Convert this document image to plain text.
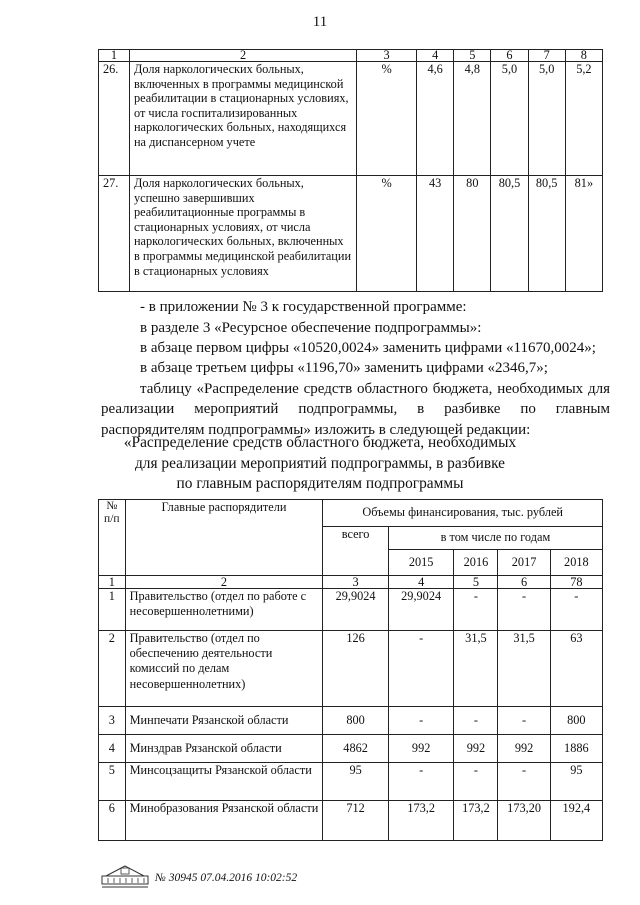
11
1	2	3	4	5	6	7	8
26.	Доля наркологических больных, включенных в программы медицинской реабилитации в стационарных условиях, от числа госпитализированных наркологических больных, находящихся на диспансерном учете	%	4,6	4,8	5,0	5,0	5,2
27.	Доля наркологических больных, успешно завершивших реабилитационные программы в стационарных условиях, от числа наркологических больных, включенных в программы медицинской реабилитации в стационарных условиях	%	43	80	80,5	80,5	81»
- в приложении № 3 к государственной программе:
в разделе 3 «Ресурсное обеспечение подпрограммы»:
в абзаце первом цифры «10520,0024» заменить цифрами «11670,0024»;
в абзаце третьем цифры «1196,70» заменить цифрами «2346,7»;
таблицу «Распределение средств областного бюджета, необходимых для реализации мероприятий подпрограммы, в разбивке по главным распорядителям подпрограммы» изложить в следующей редакции:
«Распределение средств областного бюджета, необходимых
для реализации мероприятий подпрограммы, в разбивке
по главным распорядителям подпрограммы
№ п/п	Главные распорядители	Объемы финансирования, тыс. рублей				
		всего	в том числе по годам			
			2015	2016	2017	2018
1	2	3	4	5	6	78
1	Правительство (отдел по работе с несовершеннолетними)	29,9024	29,9024	-	-	-
2	Правительство (отдел по обеспечению деятельности комиссий по делам несовершеннолетних)	126	-	31,5	31,5	63
3	Минпечати Рязанской области	800	-	-	-	800
4	Минздрав Рязанской области	4862	992	992	992	1886
5	Минсоцзащиты Рязанской области	95	-	-	-	95
6	Минобразования Рязанской области	712	173,2	173,2	173,20	192,4
№ 30945 07.04.2016 10:02:52
